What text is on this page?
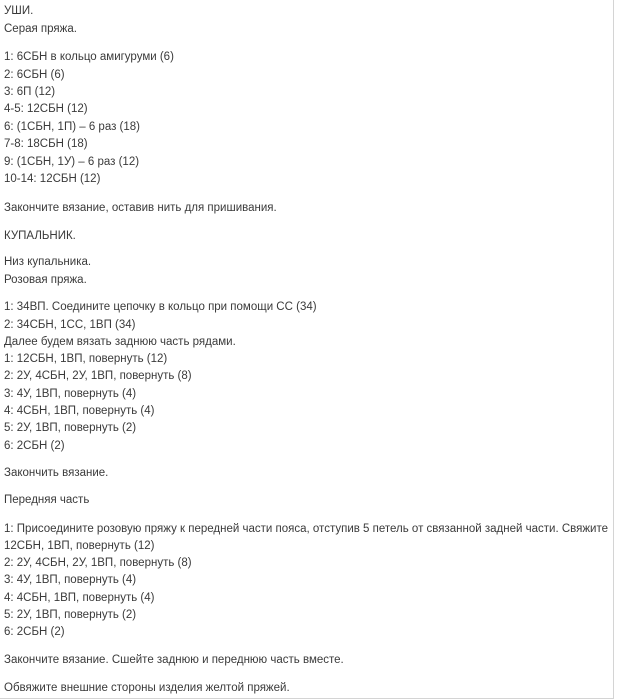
УШИ.
Серая пряжа.
1: 6СБН в кольцо амигуруми (6)
2: 6СБН (6)
3: 6П (12)
4-5: 12СБН (12)
6: (1СБН, 1П) – 6 раз (18)
7-8: 18СБН (18)
9: (1СБН, 1У) – 6 раз (12)
10-14: 12СБН (12)
Закончите вязание, оставив нить для пришивания.
КУПАЛЬНИК.
Низ купальника.
Розовая пряжа.
1: 34ВП. Соедините цепочку в кольцо при помощи СС (34)
2: 34СБН, 1СС, 1ВП (34)
Далее будем вязать заднюю часть рядами.
1: 12СБН, 1ВП, повернуть (12)
2: 2У, 4СБН, 2У, 1ВП, повернуть (8)
3: 4У, 1ВП, повернуть (4)
4: 4СБН, 1ВП, повернуть (4)
5: 2У, 1ВП, повернуть (2)
6: 2СБН (2)
Закончить вязание.
Передняя часть
1: Присоедините розовую пряжу к передней части пояса, отступив 5 петель от связанной задней части. Свяжите 12СБН, 1ВП, повернуть (12)
2: 2У, 4СБН, 2У, 1ВП, повернуть (8)
3: 4У, 1ВП, повернуть (4)
4: 4СБН, 1ВП, повернуть (4)
5: 2У, 1ВП, повернуть (2)
6: 2СБН (2)
Закончите вязание. Сшейте заднюю и переднюю часть вместе.
Обвяжите внешние стороны изделия желтой пряжей.
